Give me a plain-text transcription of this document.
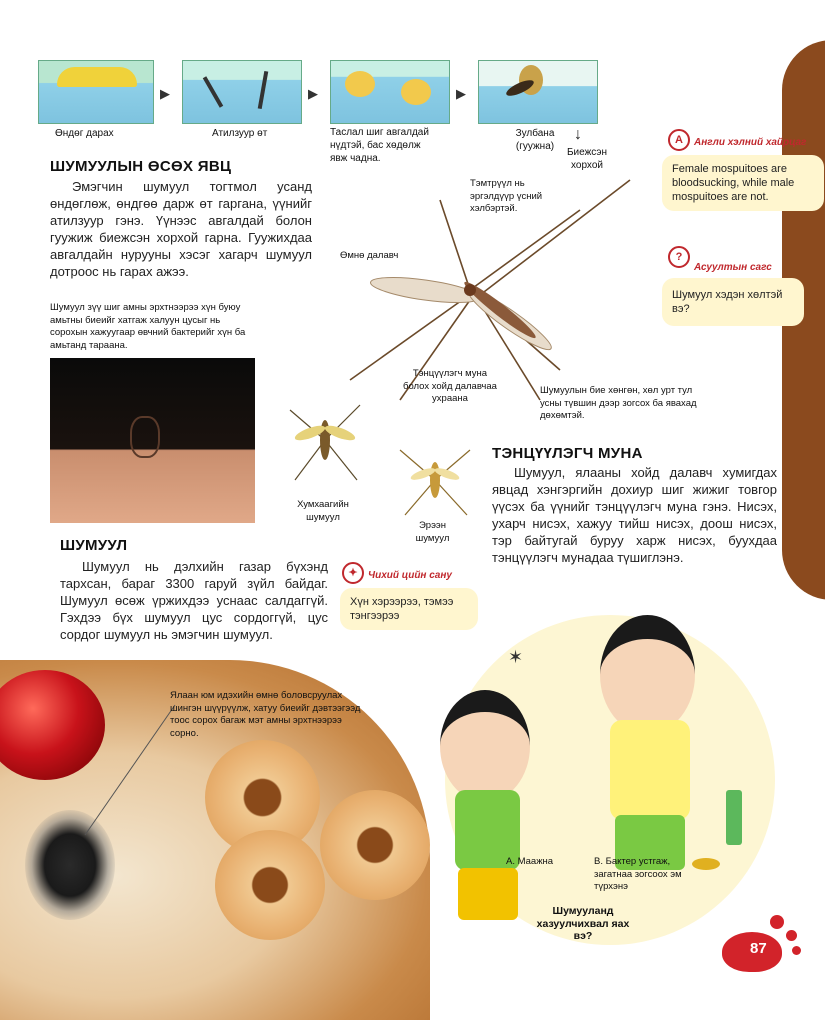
▶	▶	▶
↓
Өндөг дарах	Атилзуур өт	Таслал шиг авгалдай нүдтэй, бас хөдөлж явж чадна.
Зулбана (гуужна)
Биежсэн хорхой
ШУМУУЛЫН ӨСӨХ ЯВЦ
Эмэгчин шумуул тогтмол усанд өндөглөж, өндгөө дарж өт гаргана, үүнийг атилзуур гэнэ. Үүнээс авгалдай болон гуужиж биежсэн хорхой гарна. Гуужихдаа авгалдайн нурууны хэсэг хагарч шумуул дотроос нь гарах ажээ.
Тэмтрүүл нь эргэлдүүр үсний хэлбэртэй.
Өмнө далавч
Тэнцүүлэгч муна болох хойд далавчаа ухраана
Шумуулын бие хөнгөн, хөл урт тул усны түвшин дээр зогсох ба явахад дөхөмтэй.
Шумуул зүү шиг амны эрхтнээрээ хүн буюу амьтны биеийг хатгаж халуун цусыг нь сорохын хажуугаар өвчний бактерийг хүн ба амьтанд тараана.
Хумхаагийн шумуул
Эрээн шумуул
ШУМУУЛ
Шумуул нь дэлхийн газар бүхэнд тарxсан, бараг 3300 гаруй зүйл байдаг. Шумуул өсөж үржихдээ уснаас салдаггүй. Гэхдээ бүх шумуул цус сордоггүй, цус сордог шумуул нь эмэгчин шумуул.
ТЭНЦҮҮЛЭГЧ МУНА
Шумуул, ялааны хойд далавч хумигдах явцад хэнгэргийн дохиур шиг жижиг товгор үүсэх ба үүнийг тэнцүүлэгч муна гэнэ. Нисэх, ухарч нисэх, хажуу тийш нисэх, доош нисэх, тэр байтугай буруу харж нисэх, буухдаа тэнцүүлэгч мунадаа түшиглэнэ.
A	Англи хэлний хайрцаг
Female mospuitoes are bloodsucking, while male mospuitoes are not.
?
Асуултын сагс
Шумуул хэдэн хөлтэй вэ?
✦	Чихий цийн сану
Хүн хэрээрээ, тэмээ тэнгээрээ
Ялаан юм идэхийн өмнө боловсруулах шингэн шүүрүүлж, хатуу биеийг дэвтээгээд тоос сорох багаж мэт амны эрхтнээрээ сорно.
✶
А. Маажна	В. Бактер устгаж, загатнаа зогсоох эм түрхэнэ
Шумууланд хазуулчихвал яах вэ?
87
